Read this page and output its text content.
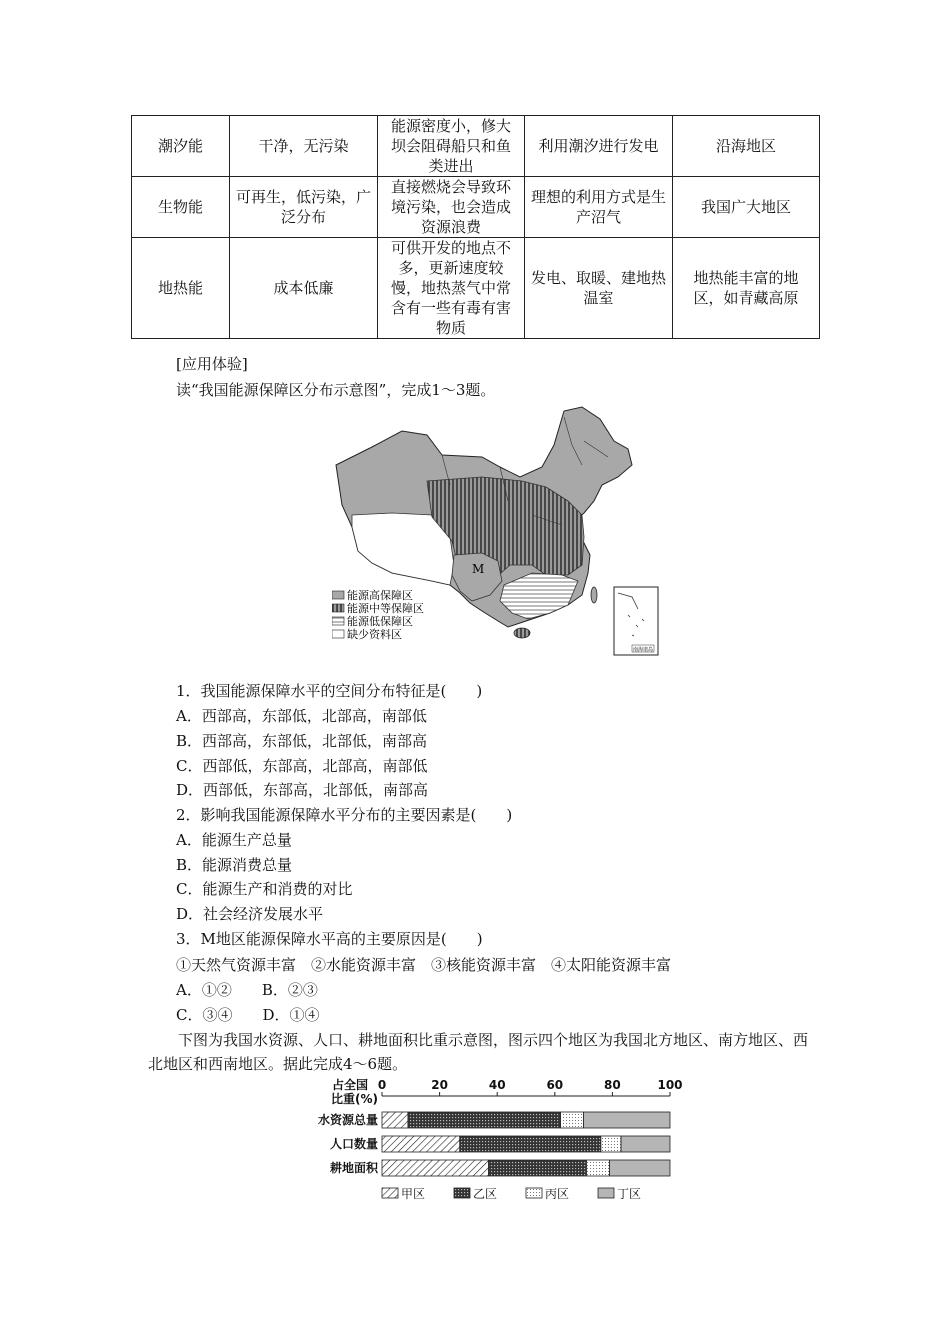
潮汐能	干净，无污染	能源密度小，修大坝会阻碍船只和鱼类进出	利用潮汐进行发电	沿海地区
生物能	可再生，低污染，广泛分布	直接燃烧会导致环境污染，也会造成资源浪费	理想的利用方式是生产沼气	我国广大地区
地热能	成本低廉	可供开发的地点不多，更新速度较慢，地热蒸气中常含有一些有毒有害物质	发电、取暖、建地热温室	地热能丰富的地区，如青藏高原
[应用体验]
读“我国能源保障区分布示意图”，完成1～3题。
M
南海诸岛
能源高保障区
能源中等保障区
能源低保障区
缺少资料区
1．我国能源保障水平的空间分布特征是(　　)
A．西部高，东部低，北部高，南部低
B．西部高，东部低，北部低，南部高
C．西部低，东部高，北部高，南部低
D．西部低，东部高，北部低，南部高
2．影响我国能源保障水平分布的主要因素是(　　)
A．能源生产总量
B．能源消费总量
C．能源生产和消费的对比
D．社会经济发展水平
3．M地区能源保障水平高的主要原因是(　　)
①天然气资源丰富　②水能资源丰富　③核能资源丰富　④太阳能资源丰富
A．①②　　B．②③
C．③④　　D．①④
下图为我国水资源、人口、耕地面积比重示意图，图示四个地区为我国北方地区、南方地区、西北地区和西南地区。据此完成4～6题。
占全国
比重(%)
0	20	40	60	80	100
水资源总量
人口数量
耕地面积
甲区	乙区	丙区	丁区
